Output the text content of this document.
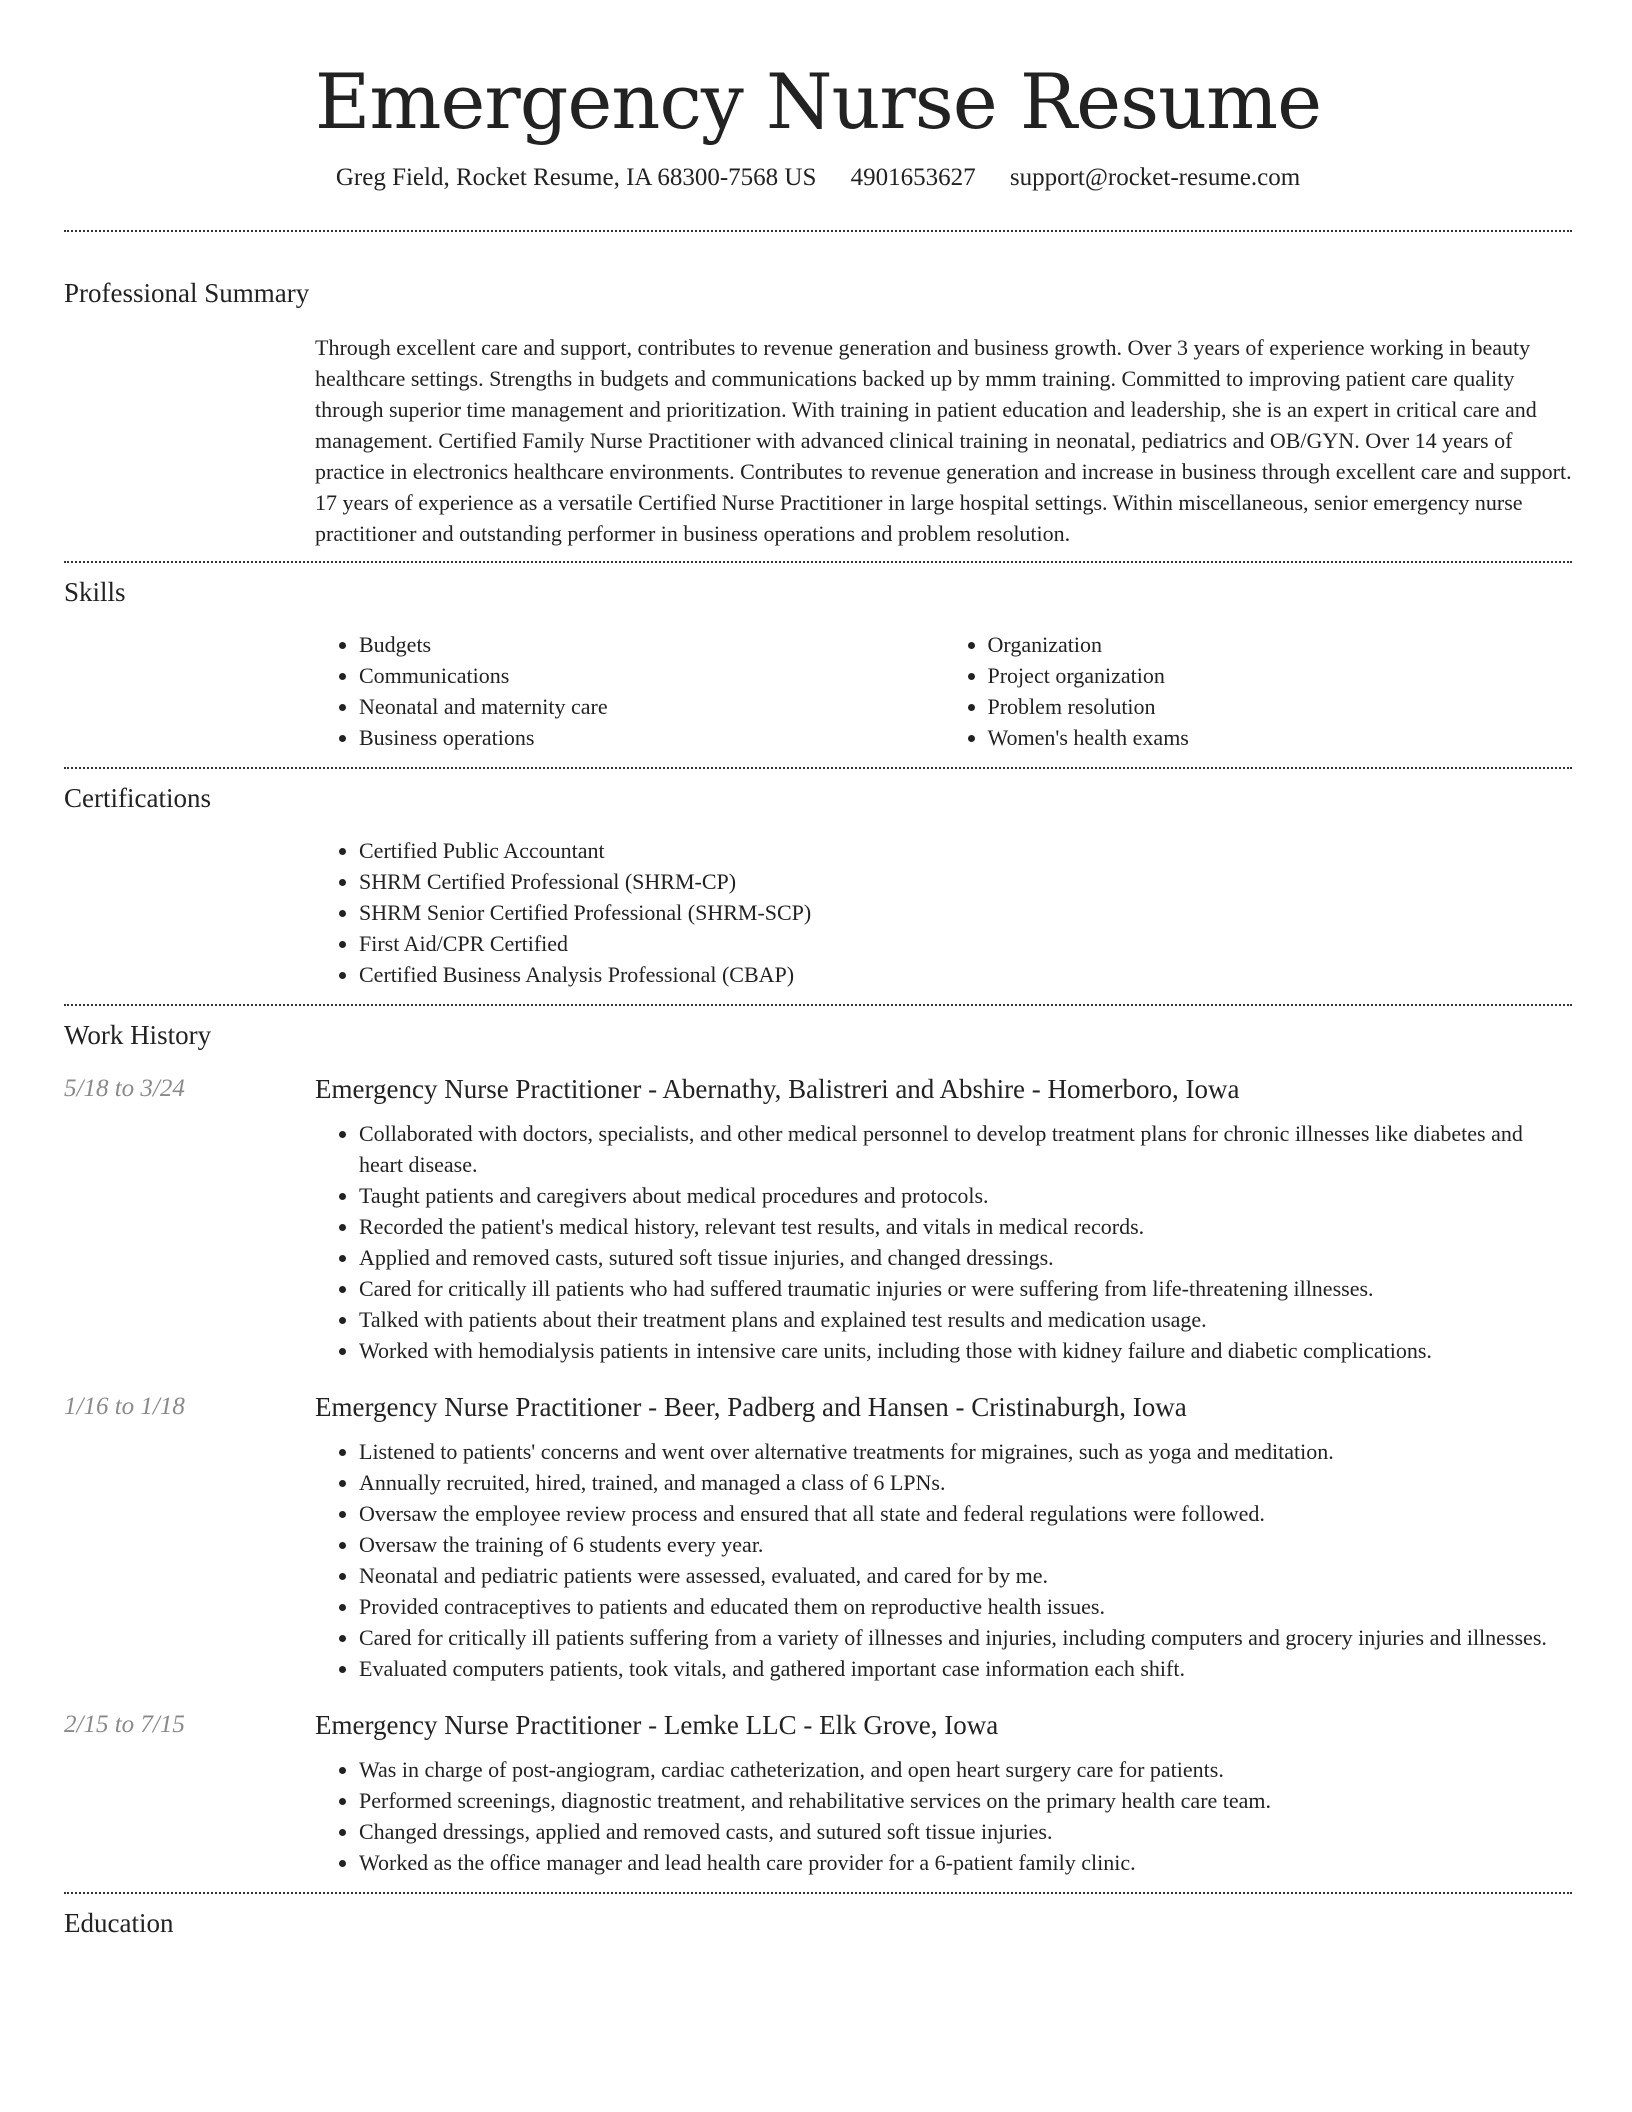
Emergency Nurse Resume
Greg Field, Rocket Resume, IA 68300-7568 US 4901653627 support@rocket-resume.com
Professional Summary

Through excellent care and support, contributes to revenue generation and business growth. Over 3 years of experience working in beauty healthcare settings. Strengths in budgets and communications backed up by mmm training. Committed to improving patient care quality through superior time management and prioritization. With training in patient education and leadership, she is an expert in critical care and management. Certified Family Nurse Practitioner with advanced clinical training in neonatal, pediatrics and OB/GYN. Over 14 years of practice in electronics healthcare environments. Contributes to revenue generation and increase in business through excellent care and support. 17 years of experience as a versatile Certified Nurse Practitioner in large hospital settings. Within miscellaneous, senior emergency nurse practitioner and outstanding performer in business operations and problem resolution.

Skills
• Budgets
• Communications
• Neonatal and maternity care
• Business operations
• Organization
• Project organization
• Problem resolution
• Women's health exams
Certifications
• Certified Public Accountant
• SHRM Certified Professional (SHRM-CP)
• SHRM Senior Certified Professional (SHRM-SCP)
• First Aid/CPR Certified
• Certified Business Analysis Professional (CBAP)
Work History
5/18 to 3/24	Emergency Nurse Practitioner - Abernathy, Balistreri and Abshire - Homerboro, Iowa
• Collaborated with doctors, specialists, and other medical personnel to develop treatment plans for chronic illnesses like diabetes and heart disease.
• Taught patients and caregivers about medical procedures and protocols.
• Recorded the patient's medical history, relevant test results, and vitals in medical records.
• Applied and removed casts, sutured soft tissue injuries, and changed dressings.
• Cared for critically ill patients who had suffered traumatic injuries or were suffering from life-threatening illnesses.
• Talked with patients about their treatment plans and explained test results and medication usage.
• Worked with hemodialysis patients in intensive care units, including those with kidney failure and diabetic complications.
1/16 to 1/18	Emergency Nurse Practitioner - Beer, Padberg and Hansen - Cristinaburgh, Iowa
• Listened to patients' concerns and went over alternative treatments for migraines, such as yoga and meditation.
• Annually recruited, hired, trained, and managed a class of 6 LPNs.
• Oversaw the employee review process and ensured that all state and federal regulations were followed.
• Oversaw the training of 6 students every year.
• Neonatal and pediatric patients were assessed, evaluated, and cared for by me.
• Provided contraceptives to patients and educated them on reproductive health issues.
• Cared for critically ill patients suffering from a variety of illnesses and injuries, including computers and grocery injuries and illnesses.
• Evaluated computers patients, took vitals, and gathered important case information each shift.
2/15 to 7/15	Emergency Nurse Practitioner - Lemke LLC - Elk Grove, Iowa
• Was in charge of post-angiogram, cardiac catheterization, and open heart surgery care for patients.
• Performed screenings, diagnostic treatment, and rehabilitative services on the primary health care team.
• Changed dressings, applied and removed casts, and sutured soft tissue injuries.
• Worked as the office manager and lead health care provider for a 6-patient family clinic.
Education
